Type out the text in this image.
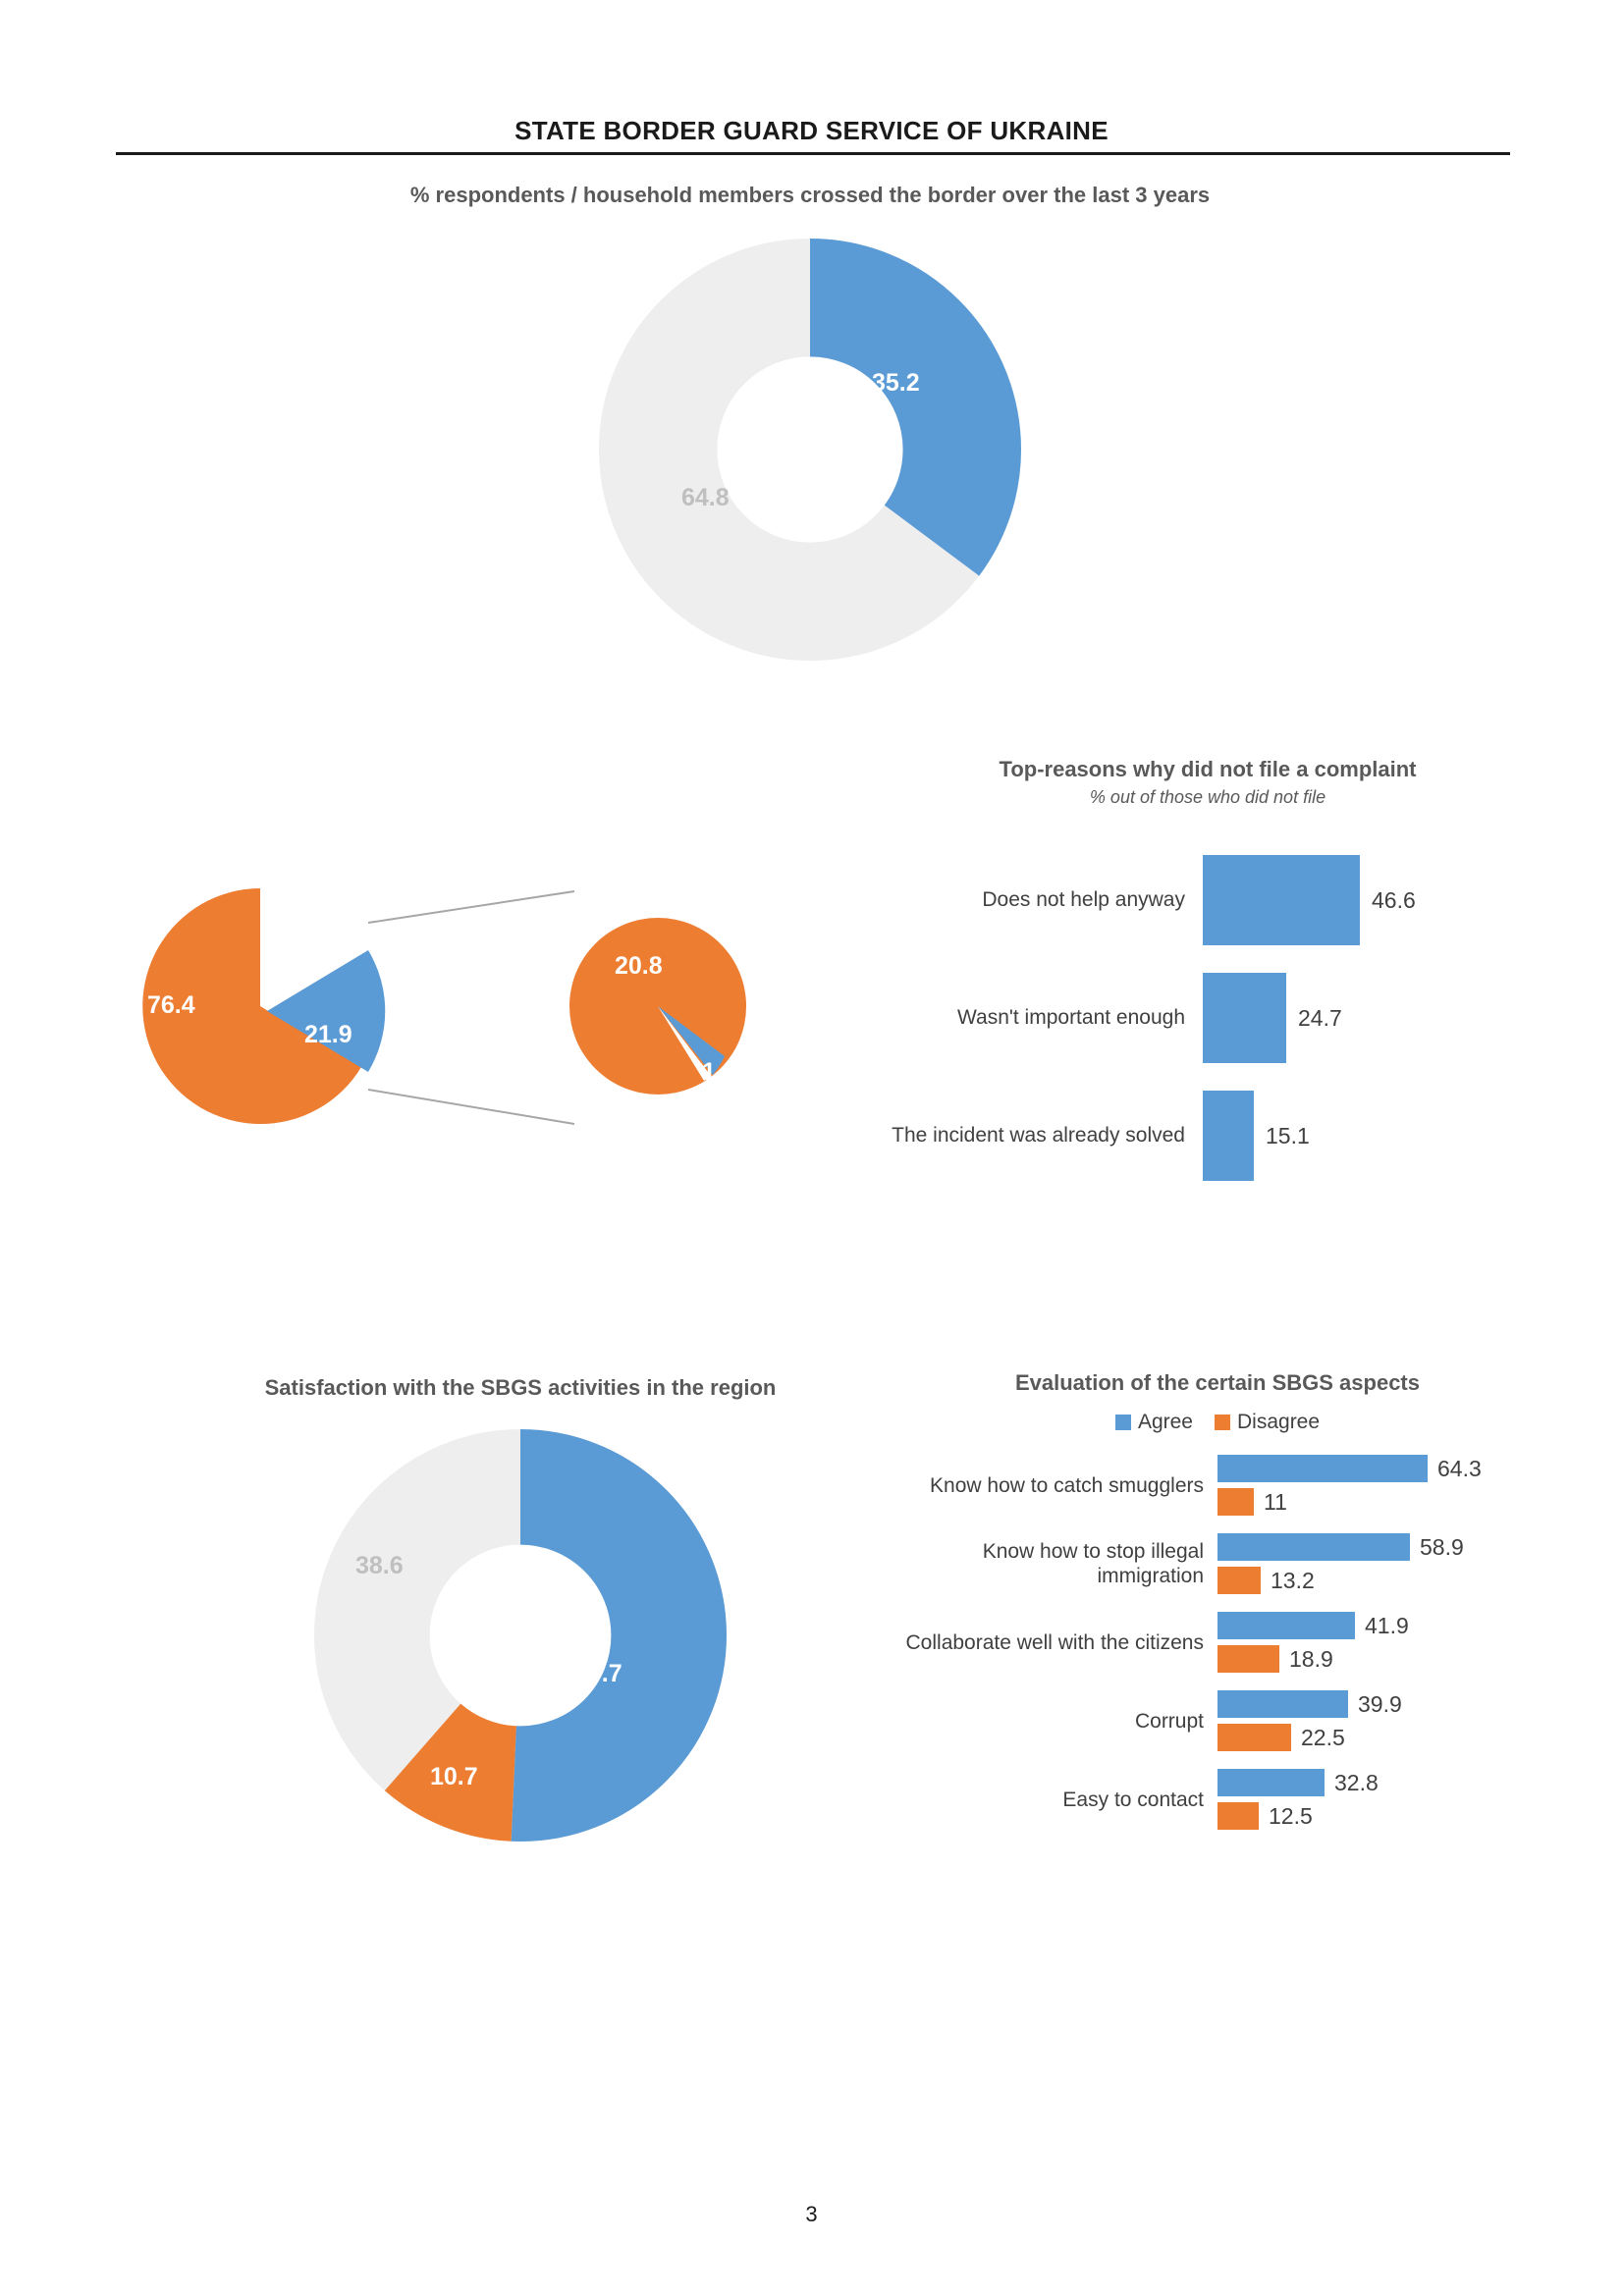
STATE BORDER GUARD SERVICE OF UKRAINE
% respondents / household members crossed the border over the last 3 years
35.2
64.8
76.4
21.9
20.8
1.1
Top-reasons why did not file a complaint
% out of those who did not file
Does not help anyway	46.6
Wasn't important enough	24.7
The incident was already solved	15.1
Satisfaction with the SBGS activities in the region
50.7
10.7
38.6
Evaluation of the certain SBGS aspects
Agree Disagree
Know how to catch smugglers
64.3
11
Know how to stop illegal immigration
58.9
13.2
Collaborate well with the citizens
41.9
18.9
Corrupt
39.9
22.5
Easy to contact
32.8
12.5
3
